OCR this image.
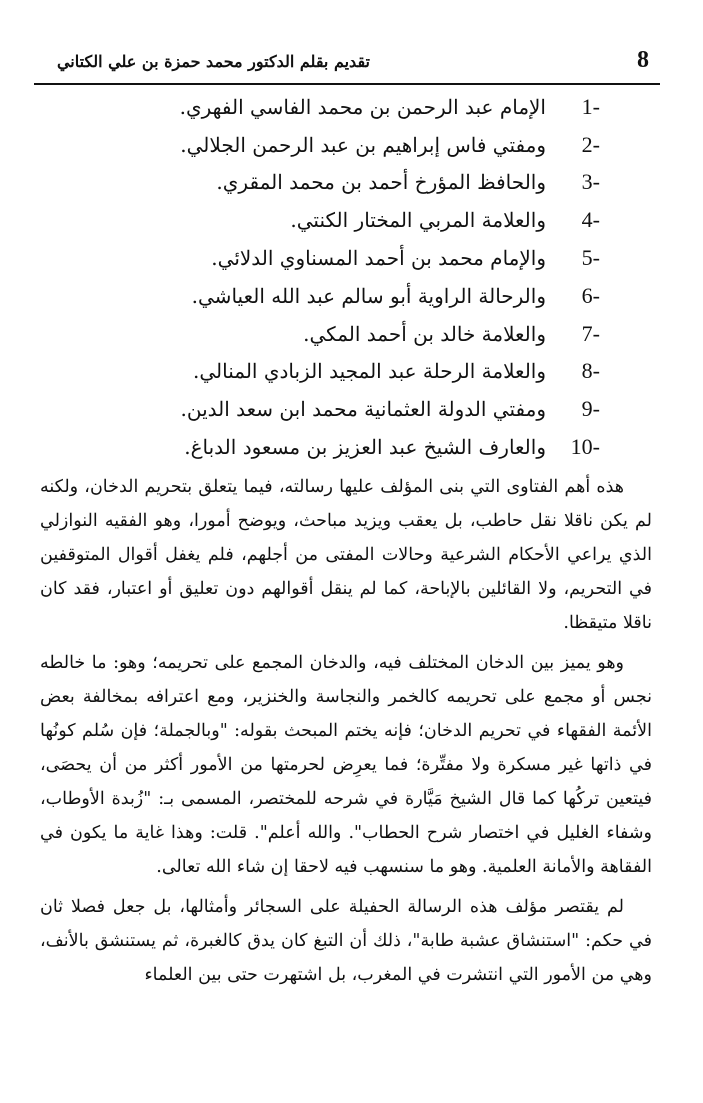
8
تقديم بقلم الدكتور محمد حمزة بن علي الكتاني
1-
الإمام عبد الرحمن بن محمد الفاسي الفهري.
2-
ومفتي فاس إبراهيم بن عبد الرحمن الجلالي.
3-
والحافظ المؤرخ أحمد بن محمد المقري.
4-
والعلامة المربي المختار الكنتي.
5-
والإمام محمد بن أحمد المسناوي الدلائي.
6-
والرحالة الراوية أبو سالم عبد الله العياشي.
7-
والعلامة خالد بن أحمد المكي.
8-
والعلامة الرحلة عبد المجيد الزبادي المنالي.
9-
ومفتي الدولة العثمانية محمد ابن سعد الدين.
10-
والعارف الشيخ عبد العزيز بن مسعود الدباغ.

هذه أهم الفتاوى التي بنى المؤلف عليها رسالته، فيما يتعلق بتحريم الدخان، ولكنه لم يكن ناقلا نقل حاطب، بل يعقب ويزيد مباحث، ويوضح أمورا، وهو الفقيه النوازلي الذي يراعي الأحكام الشرعية وحالات المفتى من أجلهم، فلم يغفل أقوال المتوقفين في التحريم، ولا القائلين بالإباحة، كما لم ينقل أقوالهم دون تعليق أو اعتبار، فقد كان ناقلا متيقظا.

وهو يميز بين الدخان المختلف فيه، والدخان المجمع على تحريمه؛ وهو: ما خالطه نجس أو مجمع على تحريمه كالخمر والنجاسة والخنزير، ومع اعترافه بمخالفة بعض الأئمة الفقهاء في تحريم الدخان؛ فإنه يختم المبحث بقوله: "وبالجملة؛ فإن سُلم كونُها في ذاتها غير مسكرة ولا مفتِّرة؛ فما يعرِض لحرمتها من الأمور أكثر من أن يحصَى، فيتعين تركُها كما قال الشيخ مَيَّارة في شرحه للمختصر، المسمى بـ: "زُبدة الأوطاب، وشفاء الغليل في اختصار شرح الحطاب". والله أعلم". قلت: وهذا غاية ما يكون في الفقاهة والأمانة العلمية. وهو ما سنسهب فيه لاحقا إن شاء الله تعالى.

لم يقتصر مؤلف هذه الرسالة الحفيلة على السجائر وأمثالها، بل جعل فصلا ثان في حكم: "استنشاق عشبة طابة"، ذلك أن التبغ كان يدق كالغبرة، ثم يستنشق بالأنف، وهي من الأمور التي انتشرت في المغرب، بل اشتهرت حتى بين العلماء
